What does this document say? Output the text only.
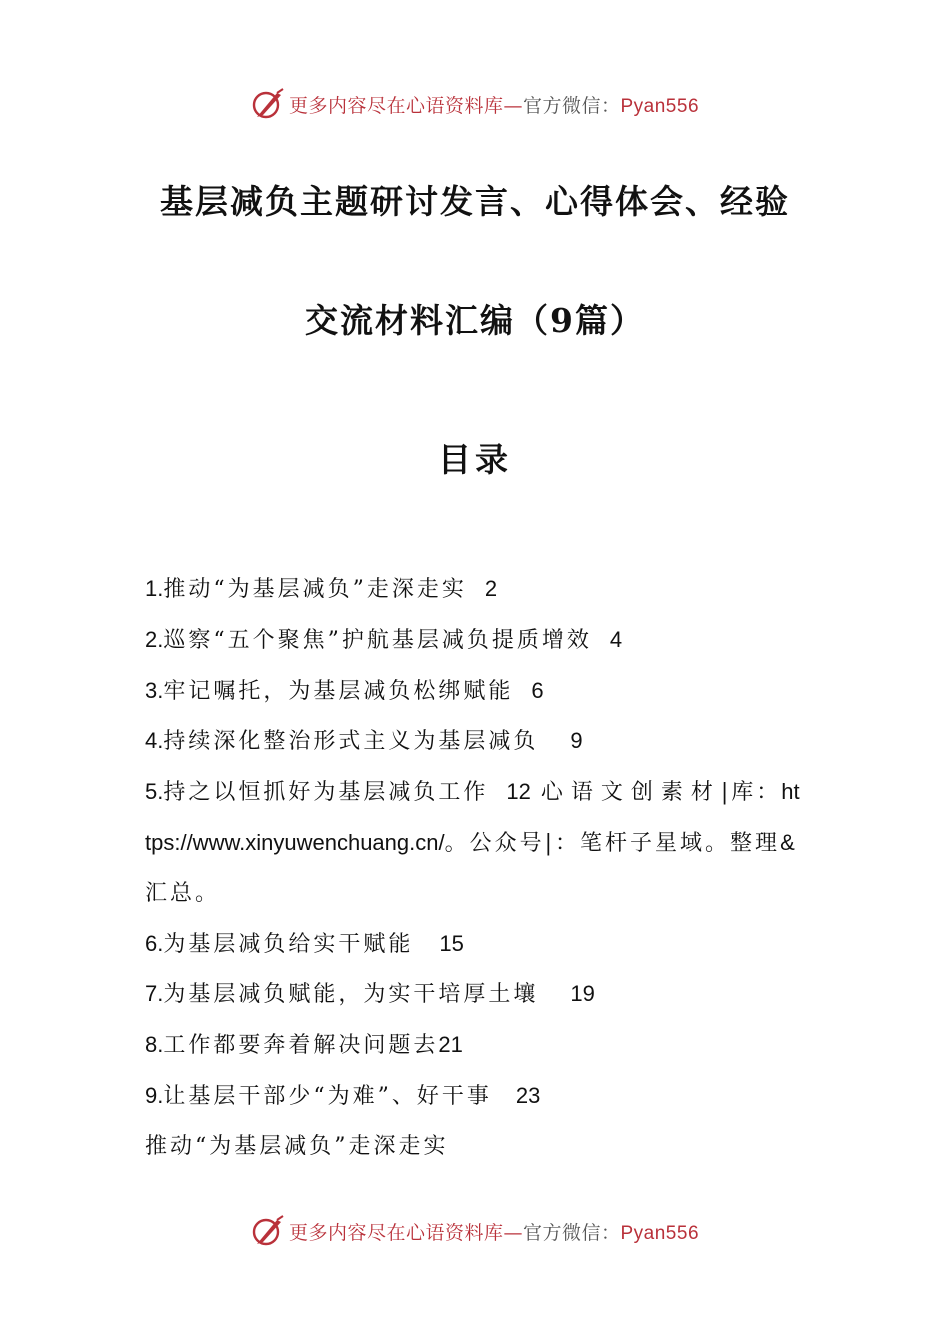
更多内容尽在心语资料库—官方微信：Pyan556
基层减负主题研讨发言、心得体会、经验
交流材料汇编（9篇）
目录
1.推动“为基层减负”走深走实 2
2.巡察“五个聚焦”护航基层减负提质增效 4
3.牢记嘱托，为基层减负松绑赋能 6
4.持续深化整治形式主义为基层减负 9
5.持之以恒抓好为基层减负工作 12 心语文创素材|库：https://www.xinyuwenchuang.cn/。公众号|：笔杆子星域。整理&汇总。
6.为基层减负给实干赋能 15
7.为基层减负赋能，为实干培厚土壤 19
8.工作都要奔着解决问题去21
9.让基层干部少“为难”、好干事 23
推动“为基层减负”走深走实
更多内容尽在心语资料库—官方微信：Pyan556
